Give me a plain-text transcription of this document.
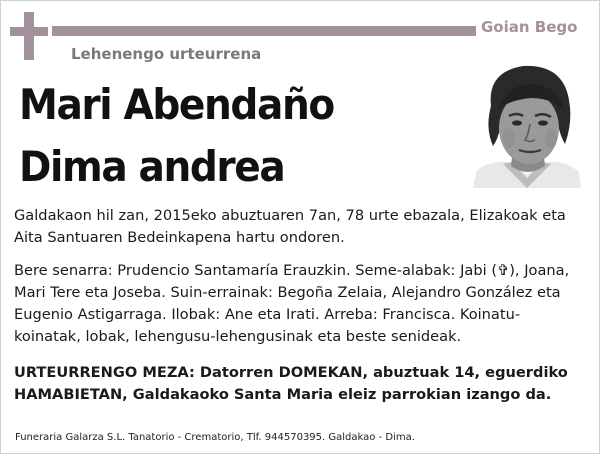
Goian Bego
Lehenengo urteurrena
Mari Abendaño
Dima andrea

Galdakaon hil zan, 2015eko abuztuaren 7an, 78 urte ebazala, Elizakoak eta Aita Santuaren Bedeinkapena hartu ondoren.

Bere senarra: Prudencio Santamaría Erauzkin. Seme-alabak: Jabi (✞), Joana, Mari Tere eta Joseba. Suin-errainak: Begoña Zelaia, Alejandro González eta Eugenio Astigarraga. Ilobak: Ane eta Irati. Arreba: Francisca. Koinatu-koinatak, lobak, lehengusu-lehengusinak eta beste senideak.

URTEURRENGO MEZA: Datorren DOMEKAN, abuztuak 14, eguerdiko HAMABIETAN, Galdakaoko Santa Maria eleiz parrokian izango da.

Funeraria Galarza S.L. Tanatorio - Crematorio, Tlf. 944570395. Galdakao - Dima.
